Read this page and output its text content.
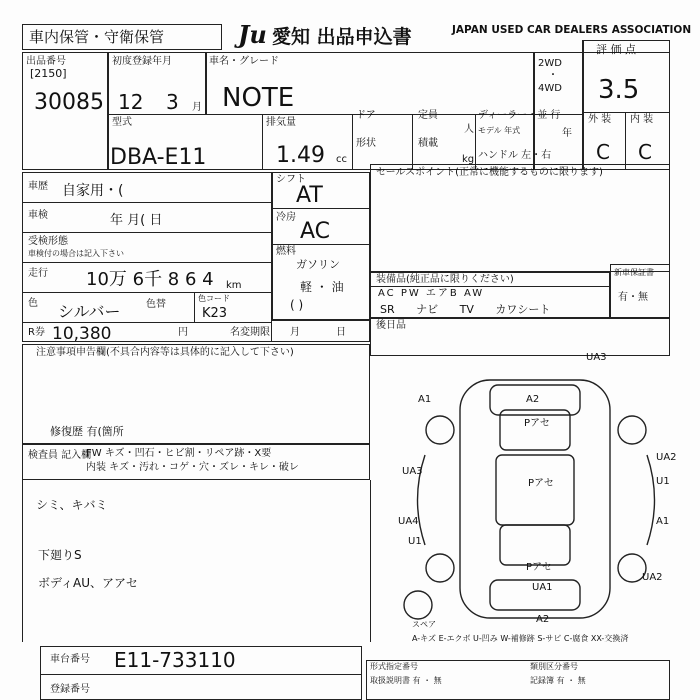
車内保管・守衛保管	Ju 愛知 出品申込書	JAPAN USED CAR DEALERS ASSOCIATION
出品番号
[2150]
30085
初度登録年月
12 3 月
車名・グレード
NOTE
2WD
・
4WD
評 価 点
3.5
外 装 内 装
C C
型式
DBA-E11
排気量
1.49 cc
ドア
形状
定員
人
積載
kg
ディーラー・並 行
モデル 年式	年
ハンドル 左・右
車歴 自家用・(
車検	年 月( 日
受検形態
車検付の場合は記入下さい
走行 10万 6千 8 6 4 km
色 シルバー	色替
色コード
K23
R券 10,380	円
シフト
AT
冷房
AC
燃料
ガソリン
軽 ・ 油
( )
名変期限 月	日
セールスポイント(正常に機能するものに限ります)
装備品(純正品に限りください)
AC PW エアB AW
SR ナビ TV カワシート
新車保証書
有・無
後日品
注意事項申告欄(不具合内容等は具体的に記入して下さい)
修復歴 有(箇所
検査員 記入欄
FW キズ・凹石・ヒビ割・リペア跡・X要
内装 キズ・汚れ・コゲ・穴・ズレ・キレ・破レ
シミ、キバミ
下廻りS
ボディAU、アアセ
UA3
A1	A2
Pアセ
UA3
Pアセ
UA2
U1
A1
UA4
U1
Pアセ
UA1
UA2
A2
スペア
A-キズ E-エクボ U-凹み W-補修跡 S-サビ C-腐食 XX-交換済
車台番号 E11-733110
登録番号
形式指定番号	類別区分番号
取扱説明書 有 ・ 無	記録簿 有 ・ 無
